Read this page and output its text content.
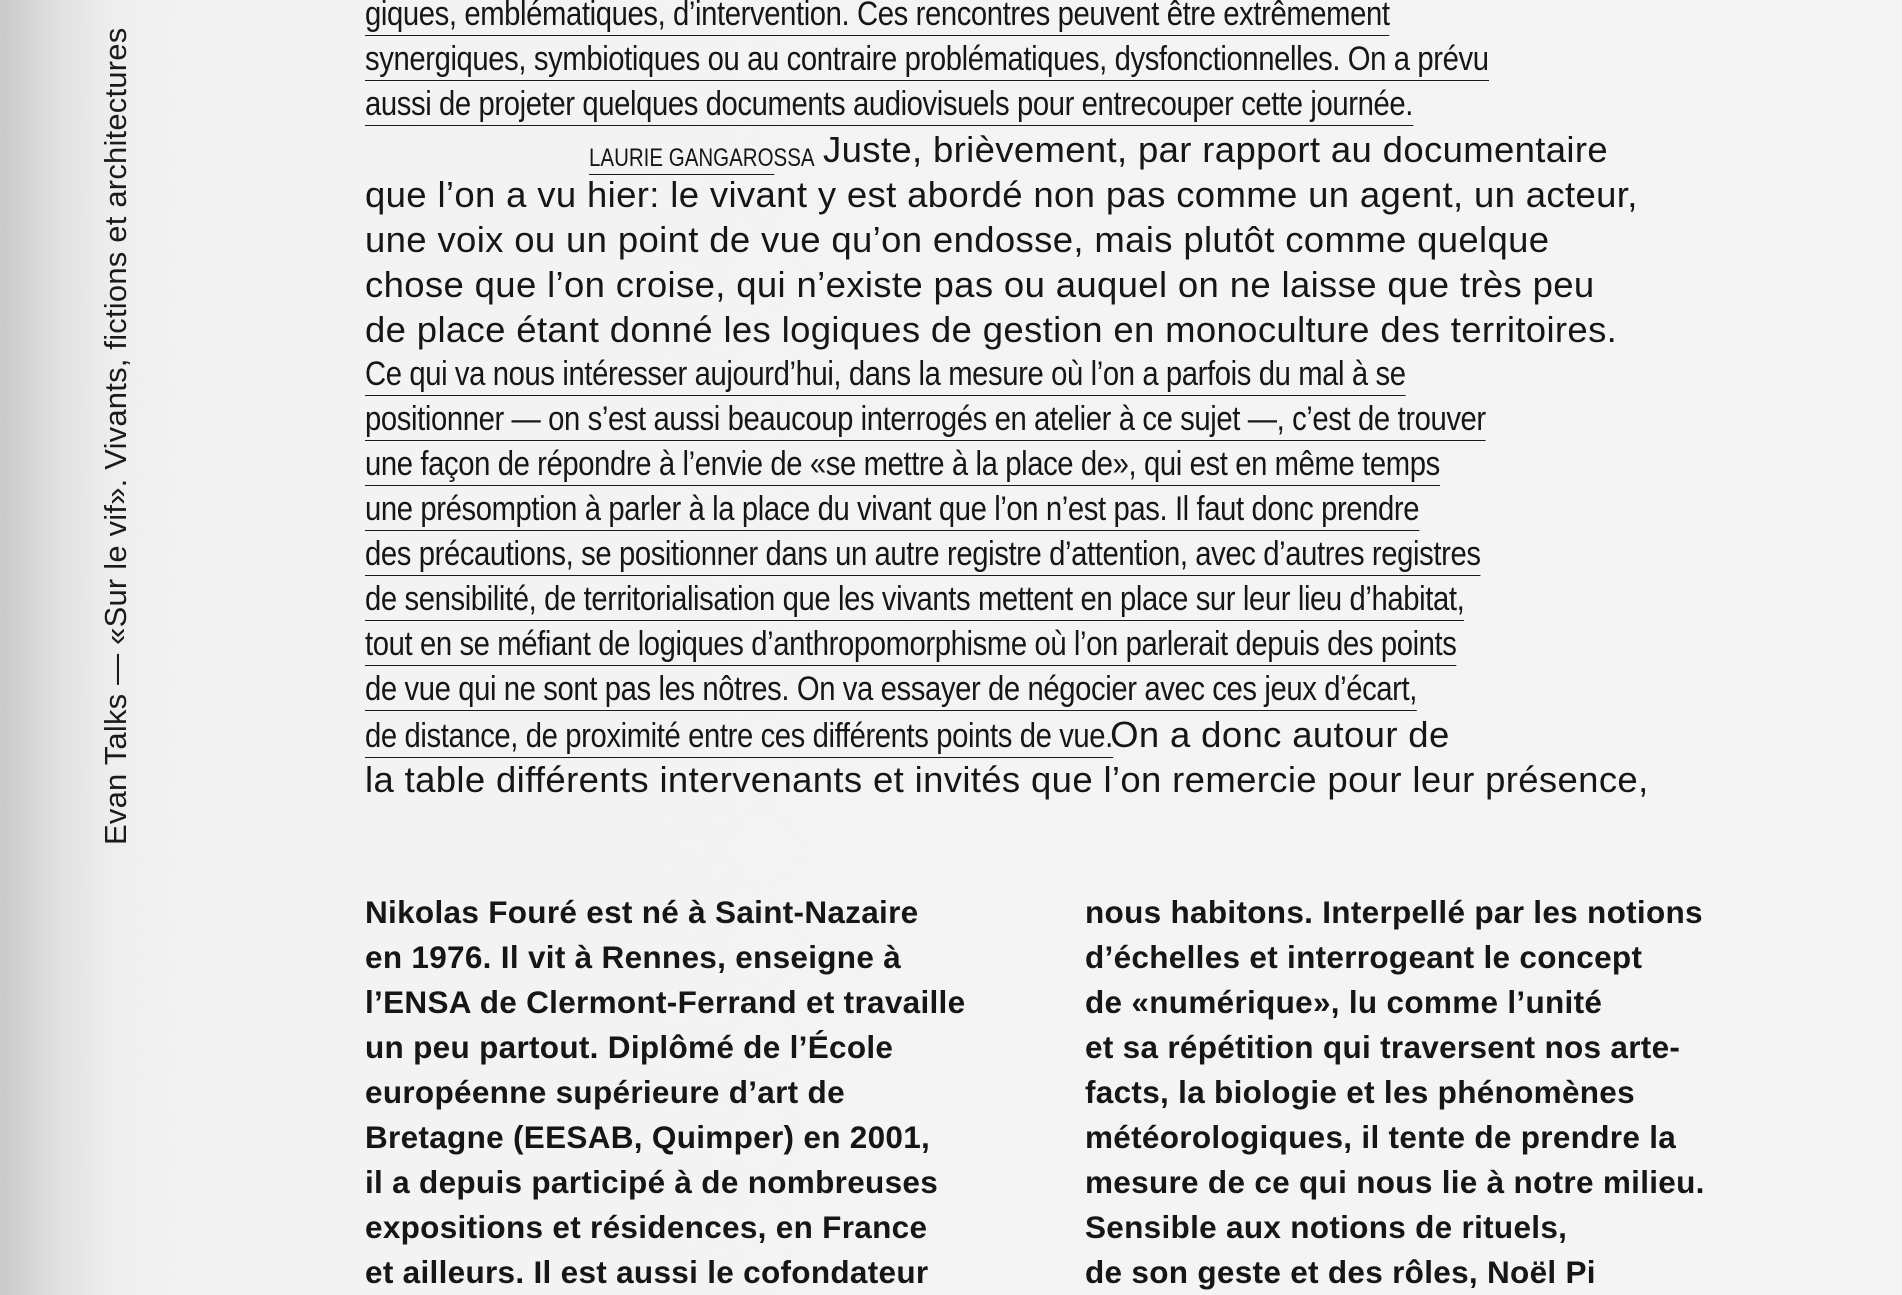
Evan Talks — «Sur le vif». Vivants, fictions et architectures
giques, emblématiques, d’intervention. Ces rencontres peuvent être extrêmement
synergiques, symbiotiques ou au contraire problématiques, dysfonctionnelles. On a prévu
aussi de projeter quelques documents audiovisuels pour entrecouper cette journée.
LAURIE GANGAROSSA Juste, brièvement, par rapport au documentaire
que l’on a vu hier: le vivant y est abordé non pas comme un agent, un acteur,
une voix ou un point de vue qu’on endosse, mais plutôt comme quelque
chose que l’on croise, qui n’existe pas ou auquel on ne laisse que très peu
de place étant donné les logiques de gestion en monoculture des territoires.
Ce qui va nous intéresser aujourd’hui, dans la mesure où l’on a parfois du mal à se
positionner — on s’est aussi beaucoup interrogés en atelier à ce sujet —, c’est de trouver
une façon de répondre à l’envie de «se mettre à la place de», qui est en même temps
une présomption à parler à la place du vivant que l’on n’est pas. Il faut donc prendre
des précautions, se positionner dans un autre registre d’attention, avec d’autres registres
de sensibilité, de territorialisation que les vivants mettent en place sur leur lieu d’habitat,
tout en se méfiant de logiques d’anthropomorphisme où l’on parlerait depuis des points
de vue qui ne sont pas les nôtres. On va essayer de négocier avec ces jeux d’écart,
de distance, de proximité entre ces différents points de vue. On a donc autour de
la table différents intervenants et invités que l’on remercie pour leur présence,
Nikolas Fouré est né à Saint-Nazaire
en 1976. Il vit à Rennes, enseigne à
l’ENSA de Clermont-Ferrand et travaille
un peu partout. Diplômé de l’École
européenne supérieure d’art de
Bretagne (EESAB, Quimper) en 2001,
il a depuis participé à de nombreuses
expositions et résidences, en France
et ailleurs. Il est aussi le cofondateur
nous habitons. Interpellé par les notions
d’échelles et interrogeant le concept
de «numérique», lu comme l’unité
et sa répétition qui traversent nos arte-
facts, la biologie et les phénomènes
météorologiques, il tente de prendre la
mesure de ce qui nous lie à notre milieu.
Sensible aux notions de rituels,
de son geste et des rôles, Noël Pi
